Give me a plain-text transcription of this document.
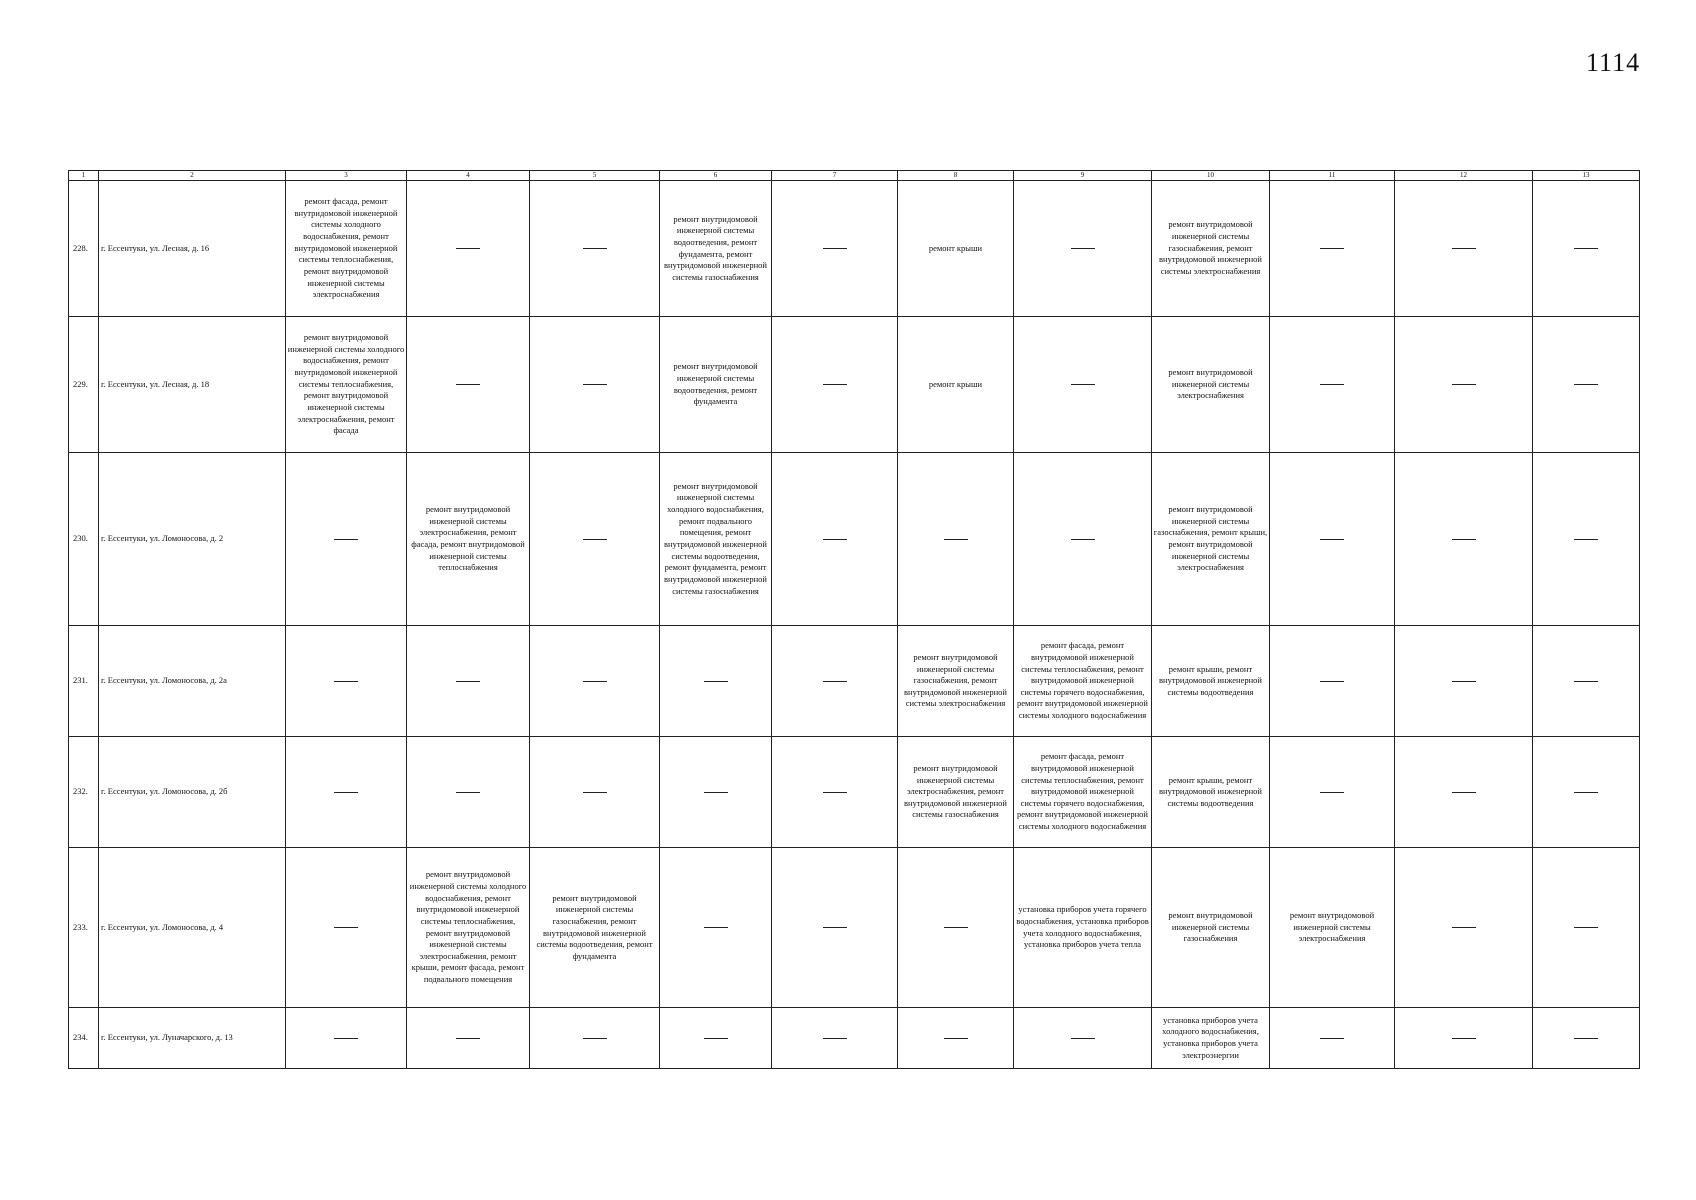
1114
1	2	3	4	5	6	7	8	9	10	11	12	13
228.	г. Ессентуки, ул. Лесная, д. 16	ремонт фасада, ремонт внутридомовой инженерной системы холодного водоснабжения, ремонт внутридомовой инженерной системы теплоснабжения, ремонт внутридомовой инженерной системы электроснабжения			ремонт внутридомовой инженерной системы водоотведения, ремонт фундамента, ремонт внутридомовой инженерной системы газоснабжения		ремонт крыши		ремонт внутридомовой инженерной системы газоснабжения, ремонт внутридомовой инженерной системы электроснабжения			
229.	г. Ессентуки, ул. Лесная, д. 18	ремонт внутридомовой инженерной системы холодного водоснабжения, ремонт внутридомовой инженерной системы теплоснабжения, ремонт внутридомовой инженерной системы электроснабжения, ремонт фасада			ремонт внутридомовой инженерной системы водоотведения, ремонт фундамента		ремонт крыши		ремонт внутридомовой инженерной системы электроснабжения			
230.	г. Ессентуки, ул. Ломоносова, д. 2		ремонт внутридомовой инженерной системы электроснабжения, ремонт фасада, ремонт внутридомовой инженерной системы теплоснабжения		ремонт внутридомовой инженерной системы холодного водоснабжения, ремонт подвального помещения, ремонт внутридомовой инженерной системы водоотведения, ремонт фундамента, ремонт внутридомовой инженерной системы газоснабжения				ремонт внутридомовой инженерной системы газоснабжения, ремонт крыши, ремонт внутридомовой инженерной системы электроснабжения			
231.	г. Ессентуки, ул. Ломоносова, д. 2а						ремонт внутридомовой инженерной системы газоснабжения, ремонт внутридомовой инженерной системы электроснабжения	ремонт фасада, ремонт внутридомовой инженерной системы теплоснабжения, ремонт внутридомовой инженерной системы горячего водоснабжения, ремонт внутридомовой инженерной системы холодного водоснабжения	ремонт крыши, ремонт внутридомовой инженерной системы водоотведения			
232.	г. Ессентуки, ул. Ломоносова, д. 2б						ремонт внутридомовой инженерной системы электроснабжения, ремонт внутридомовой инженерной системы газоснабжения	ремонт фасада, ремонт внутридомовой инженерной системы теплоснабжения, ремонт внутридомовой инженерной системы горячего водоснабжения, ремонт внутридомовой инженерной системы холодного водоснабжения	ремонт крыши, ремонт внутридомовой инженерной системы водоотведения			
233.	г. Ессентуки, ул. Ломоносова, д. 4		ремонт внутридомовой инженерной системы холодного водоснабжения, ремонт внутридомовой инженерной системы теплоснабжения, ремонт внутридомовой инженерной системы электроснабжения, ремонт крыши, ремонт фасада, ремонт подвального помещения	ремонт внутридомовой инженерной системы газоснабжения, ремонт внутридомовой инженерной системы водоотведения, ремонт фундамента				установка приборов учета горячего водоснабжения, установка приборов учета холодного водоснабжения, установка приборов учета тепла	ремонт внутридомовой инженерной системы газоснабжения	ремонт внутридомовой инженерной системы электроснабжения		
234.	г. Ессентуки, ул. Луначарского, д. 13								установка приборов учета холодного водоснабжения, установка приборов учета электроэнергии			
